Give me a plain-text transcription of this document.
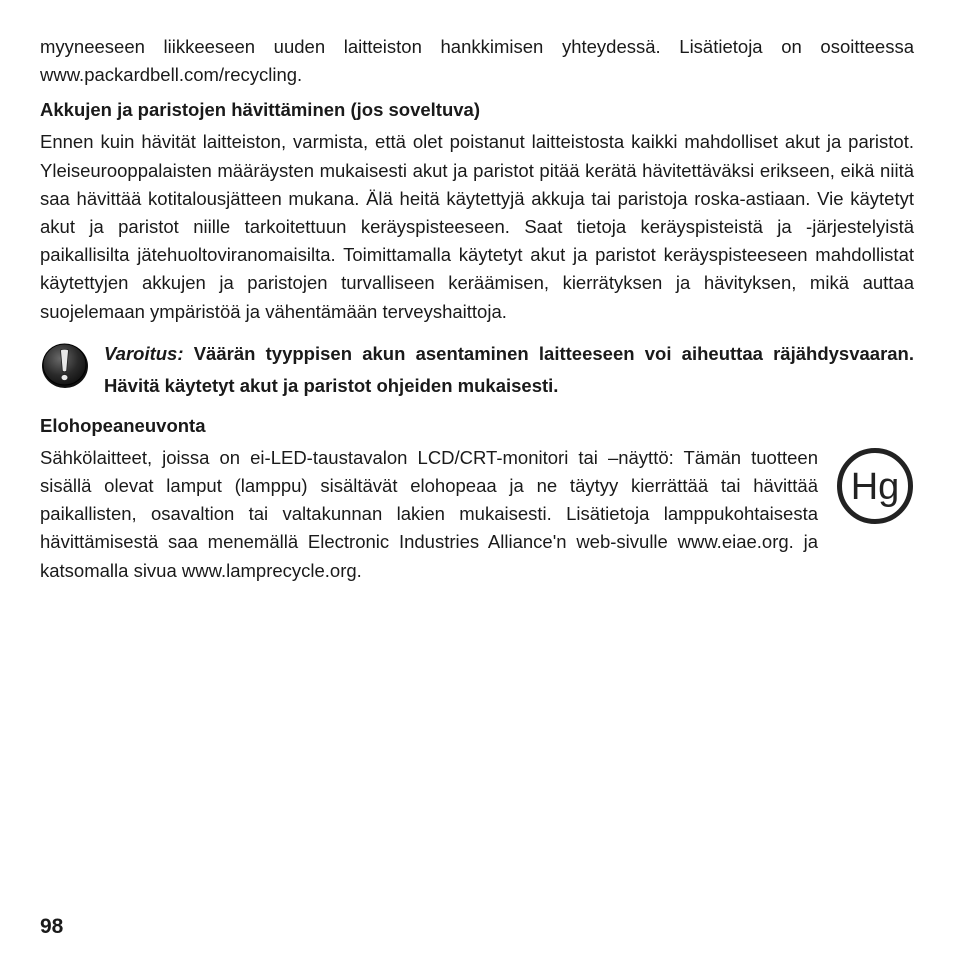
myyneeseen liikkeeseen uuden laitteiston hankkimisen yhteydessä. Lisätietoja on osoitteessa www.packardbell.com/recycling.

Akkujen ja paristojen hävittäminen (jos soveltuva)

Ennen kuin hävität laitteiston, varmista, että olet poistanut laitteistosta kaikki mahdolliset akut ja paristot. Yleiseurooppalaisten määräysten mukaisesti akut ja paristot pitää kerätä hävitettäväksi erikseen, eikä niitä saa hävittää kotitalousjätteen mukana. Älä heitä käytettyjä akkuja tai paristoja roska-astiaan. Vie käytetyt akut ja paristot niille tarkoitettuun keräyspisteeseen. Saat tietoja keräyspisteistä ja -järjestelyistä paikallisilta jätehuoltoviranomaisilta. Toimittamalla käytetyt akut ja paristot keräyspisteeseen mahdollistat käytettyjen akkujen ja paristojen turvalliseen keräämisen, kierrätyksen ja hävityksen, mikä auttaa suojelemaan ympäristöä ja vähentämään terveyshaittoja.

Varoitus: Väärän tyyppisen akun asentaminen laitteeseen voi aiheuttaa räjähdysvaaran. Hävitä käytetyt akut ja paristot ohjeiden mukaisesti.
Elohopeaneuvonta

Sähkölaitteet, joissa on ei-LED-taustavalon LCD/CRT-monitori tai –näyttö: Tämän tuotteen sisällä olevat lamput (lamppu) sisältävät elohopeaa ja ne täytyy kierrättää tai hävittää paikallisten, osavaltion tai valtakunnan lakien mukaisesti. Lisätietoja lamppukohtaisesta hävittämisestä saa menemällä Electronic Industries Alliance'n web-sivulle www.eiae.org. ja katsomalla sivua www.lamprecycle.org.

Hg
98
